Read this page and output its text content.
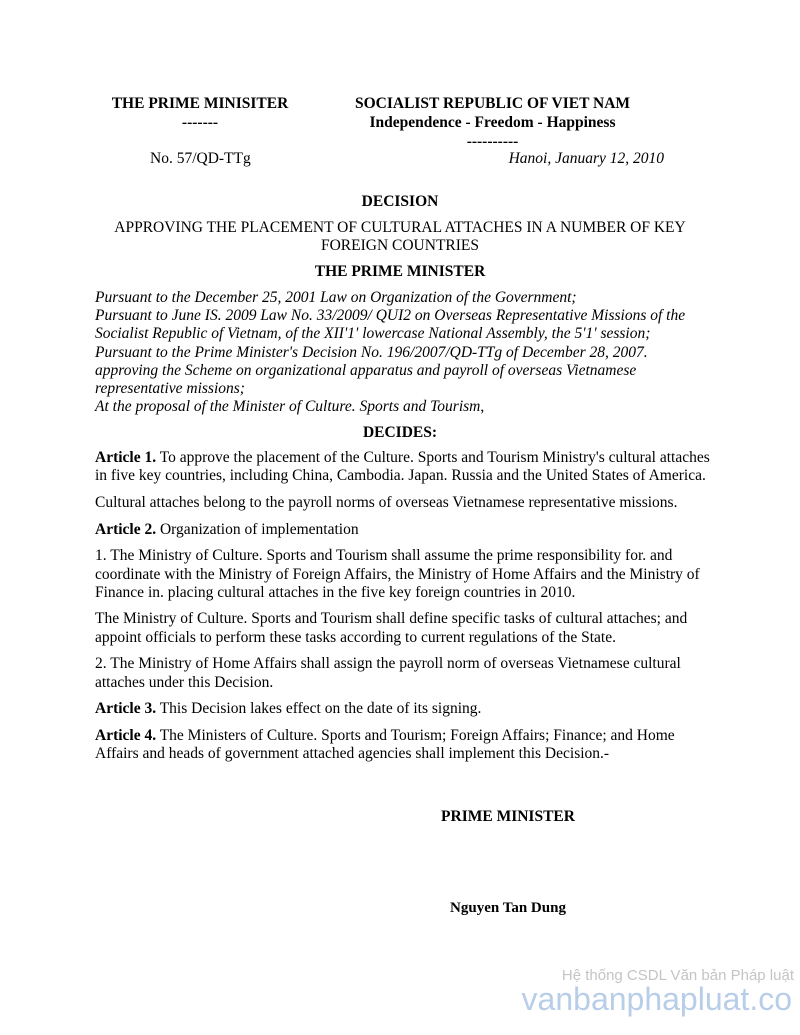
THE PRIME MINISITER
-------
SOCIALIST REPUBLIC OF VIET NAM
Independence - Freedom - Happiness
----------
No. 57/QD-TTg	Hanoi, January 12, 2010
DECISION
APPROVING THE PLACEMENT OF CULTURAL ATTACHES IN A NUMBER OF KEY FOREIGN COUNTRIES
THE PRIME MINISTER
Pursuant to the December 25, 2001 Law on Organization of the Government;
Pursuant to June IS. 2009 Law No. 33/2009/ QUI2 on Overseas Representative Missions of the Socialist Republic of Vietnam, of the XII'1' lowercase National Assembly, the 5'1' session;
Pursuant to the Prime Minister's Decision No. 196/2007/QD-TTg of December 28, 2007. approving the Scheme on organizational apparatus and payroll of overseas Vietnamese representative missions;
At the proposal of the Minister of Culture. Sports and Tourism,
DECIDES:

Article 1. To approve the placement of the Culture. Sports and Tourism Ministry's cultural attaches in five key countries, including China, Cambodia. Japan. Russia and the United States of America.

Cultural attaches belong to the payroll norms of overseas Vietnamese representative missions.

Article 2. Organization of implementation

1. The Ministry of Culture. Sports and Tourism shall assume the prime responsibility for. and coordinate with the Ministry of Foreign Affairs, the Ministry of Home Affairs and the Ministry of Finance in. placing cultural attaches in the five key foreign countries in 2010.

The Ministry of Culture. Sports and Tourism shall define specific tasks of cultural attaches; and appoint officials to perform these tasks according to current regulations of the State.

2. The Ministry of Home Affairs shall assign the payroll norm of overseas Vietnamese cultural attaches under this Decision.

Article 3. This Decision lakes effect on the date of its signing.

Article 4. The Ministers of Culture. Sports and Tourism; Foreign Affairs; Finance; and Home Affairs and heads of government attached agencies shall implement this Decision.-

PRIME MINISTER
Nguyen Tan Dung
Hệ thống CSDL Văn bản Pháp luật
vanbanphapluat.co
